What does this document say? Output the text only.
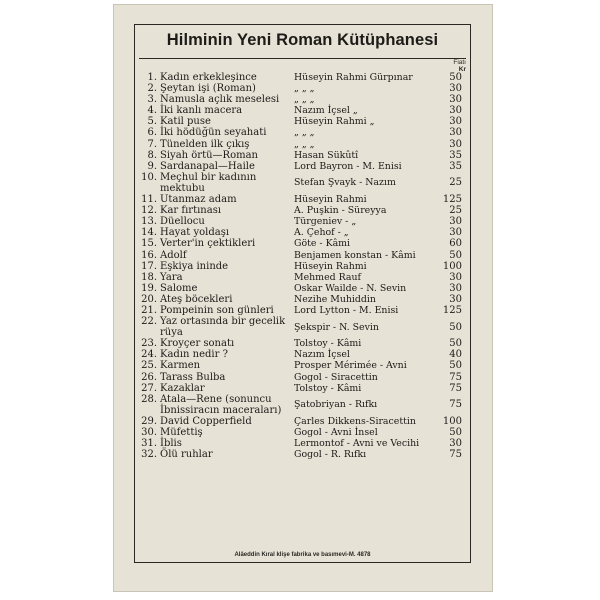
Hilminin Yeni Roman Kütüphanesi
Fiatı
Kr
1. Kadın erkekleşince	Hüseyin Rahmi Gürpınar	50
2. Şeytan işi (Roman)	„ „ „	30
3. Namusla açlık meselesi	„ „ „	30
4. İki kanlı macera	Nazım İçsel „	30
5. Katil puse	Hüseyin Rahmi „	30
6. İki hödüğün seyahati	„ „ „	30
7. Tünelden ilk çıkış	„ „ „	30
8. Siyah örtü—Roman	Hasan Sükûtî	35
9. Sardanapal—Haile	Lord Bayron - M. Enisi	35
10. Meçhul bir kadının mektubu
Stefan Şvayk - Nazım	25
11. Utanmaz adam	Hüseyin Rahmi	125
12. Kar fırtınası	A. Puşkin - Süreyya	25
13. Düellocu	Türgeniev - „	30
14. Hayat yoldaşı	A. Çehof - „	30
15. Verter'in çektikleri	Göte - Kâmi	60
16. Adolf	Benjamen konstan - Kâmi	50
17. Eşkiya ininde	Hüseyin Rahmi	100
18. Yara	Mehmed Rauf	30
19. Salome	Oskar Wailde - N. Sevin	30
20. Ateş böcekleri	Nezihe Muhiddin	30
21. Pompeinin son günleri	Lord Lytton - M. Enisi	125
22. Yaz ortasında bir gecelik rüya
Şekspir - N. Sevin	50
23. Kroyçer sonatı	Tolstoy - Kâmi	50
24. Kadın nedir ?	Nazım İçsel	40
25. Karmen	Prosper Mérimée - Avni	50
26. Tarass Bulba	Gogol - Siracettin	75
27. Kazaklar	Tolstoy - Kâmi	75
28. Atala—Rene (sonuncu İbnissiracın maceraları)
Şatobriyan - Rıfkı	75
29. David Copperfield	Çarles Dikkens-Siracettin	100
30. Müfettiş	Gogol - Avni İnsel	50
31. İblis	Lermontof - Avni ve Vecihi	30
32. Ölü ruhlar	Gogol - R. Rıfkı	75
Alâeddin Kıral klişe fabrika ve basımevi-M. 4878
